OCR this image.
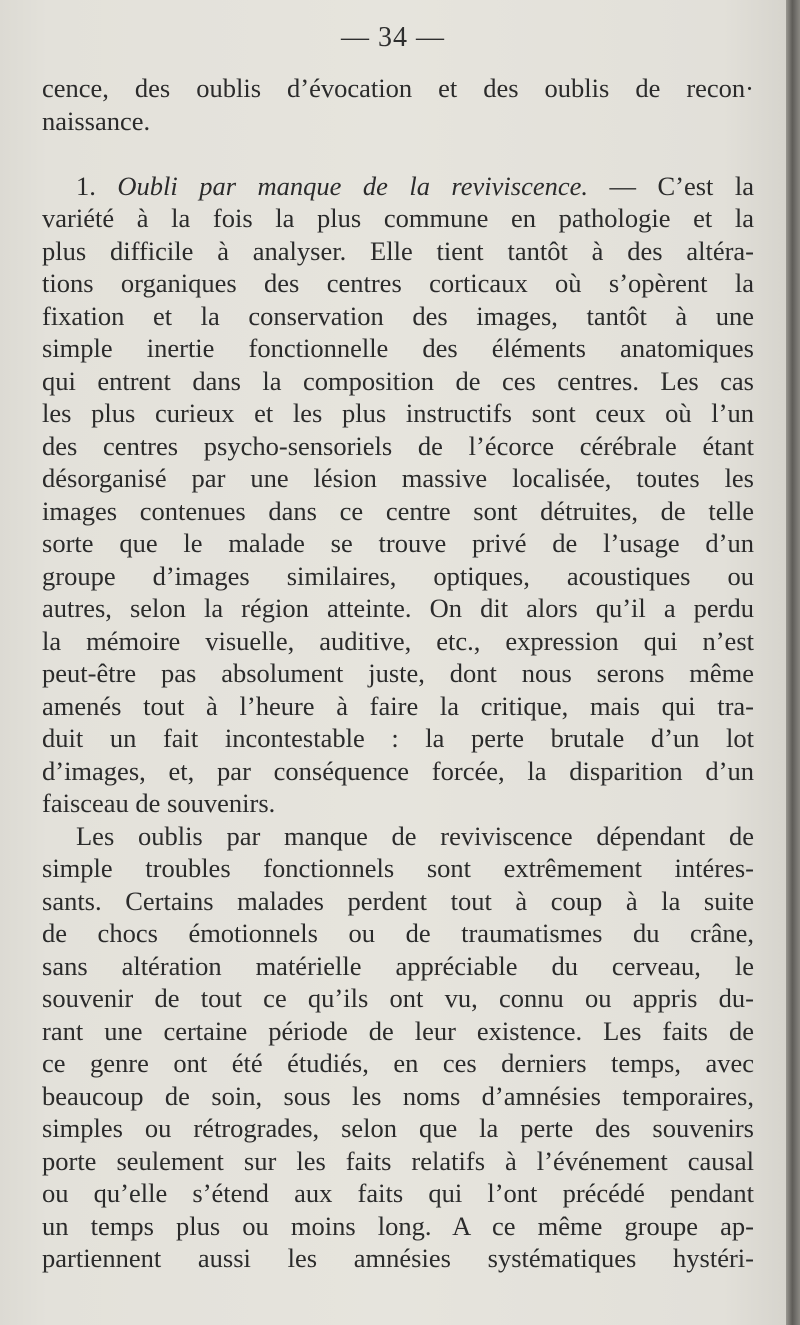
— 34 —
cence, des oublis d’évocation et des oublis de recon·
naissance.
1. Oubli par manque de la reviviscence. — C’est la
variété à la fois la plus commune en pathologie et la
plus difficile à analyser. Elle tient tantôt à des altéra-
tions organiques des centres corticaux où s’opèrent la
fixation et la conservation des images, tantôt à une
simple inertie fonctionnelle des éléments anatomiques
qui entrent dans la composition de ces centres. Les cas
les plus curieux et les plus instructifs sont ceux où l’un
des centres psycho-sensoriels de l’écorce cérébrale étant
désorganisé par une lésion massive localisée, toutes les
images contenues dans ce centre sont détruites, de telle
sorte que le malade se trouve privé de l’usage d’un
groupe d’images similaires, optiques, acoustiques ou
autres, selon la région atteinte. On dit alors qu’il a perdu
la mémoire visuelle, auditive, etc., expression qui n’est
peut-être pas absolument juste, dont nous serons même
amenés tout à l’heure à faire la critique, mais qui tra-
duit un fait incontestable : la perte brutale d’un lot
d’images, et, par conséquence forcée, la disparition d’un
faisceau de souvenirs.
Les oublis par manque de reviviscence dépendant de
simple troubles fonctionnels sont extrêmement intéres-
sants. Certains malades perdent tout à coup à la suite
de chocs émotionnels ou de traumatismes du crâne,
sans altération matérielle appréciable du cerveau, le
souvenir de tout ce qu’ils ont vu, connu ou appris du-
rant une certaine période de leur existence. Les faits de
ce genre ont été étudiés, en ces derniers temps, avec
beaucoup de soin, sous les noms d’amnésies temporaires,
simples ou rétrogrades, selon que la perte des souvenirs
porte seulement sur les faits relatifs à l’événement causal
ou qu’elle s’étend aux faits qui l’ont précédé pendant
un temps plus ou moins long. A ce même groupe ap-
partiennent aussi les amnésies systématiques hystéri-
